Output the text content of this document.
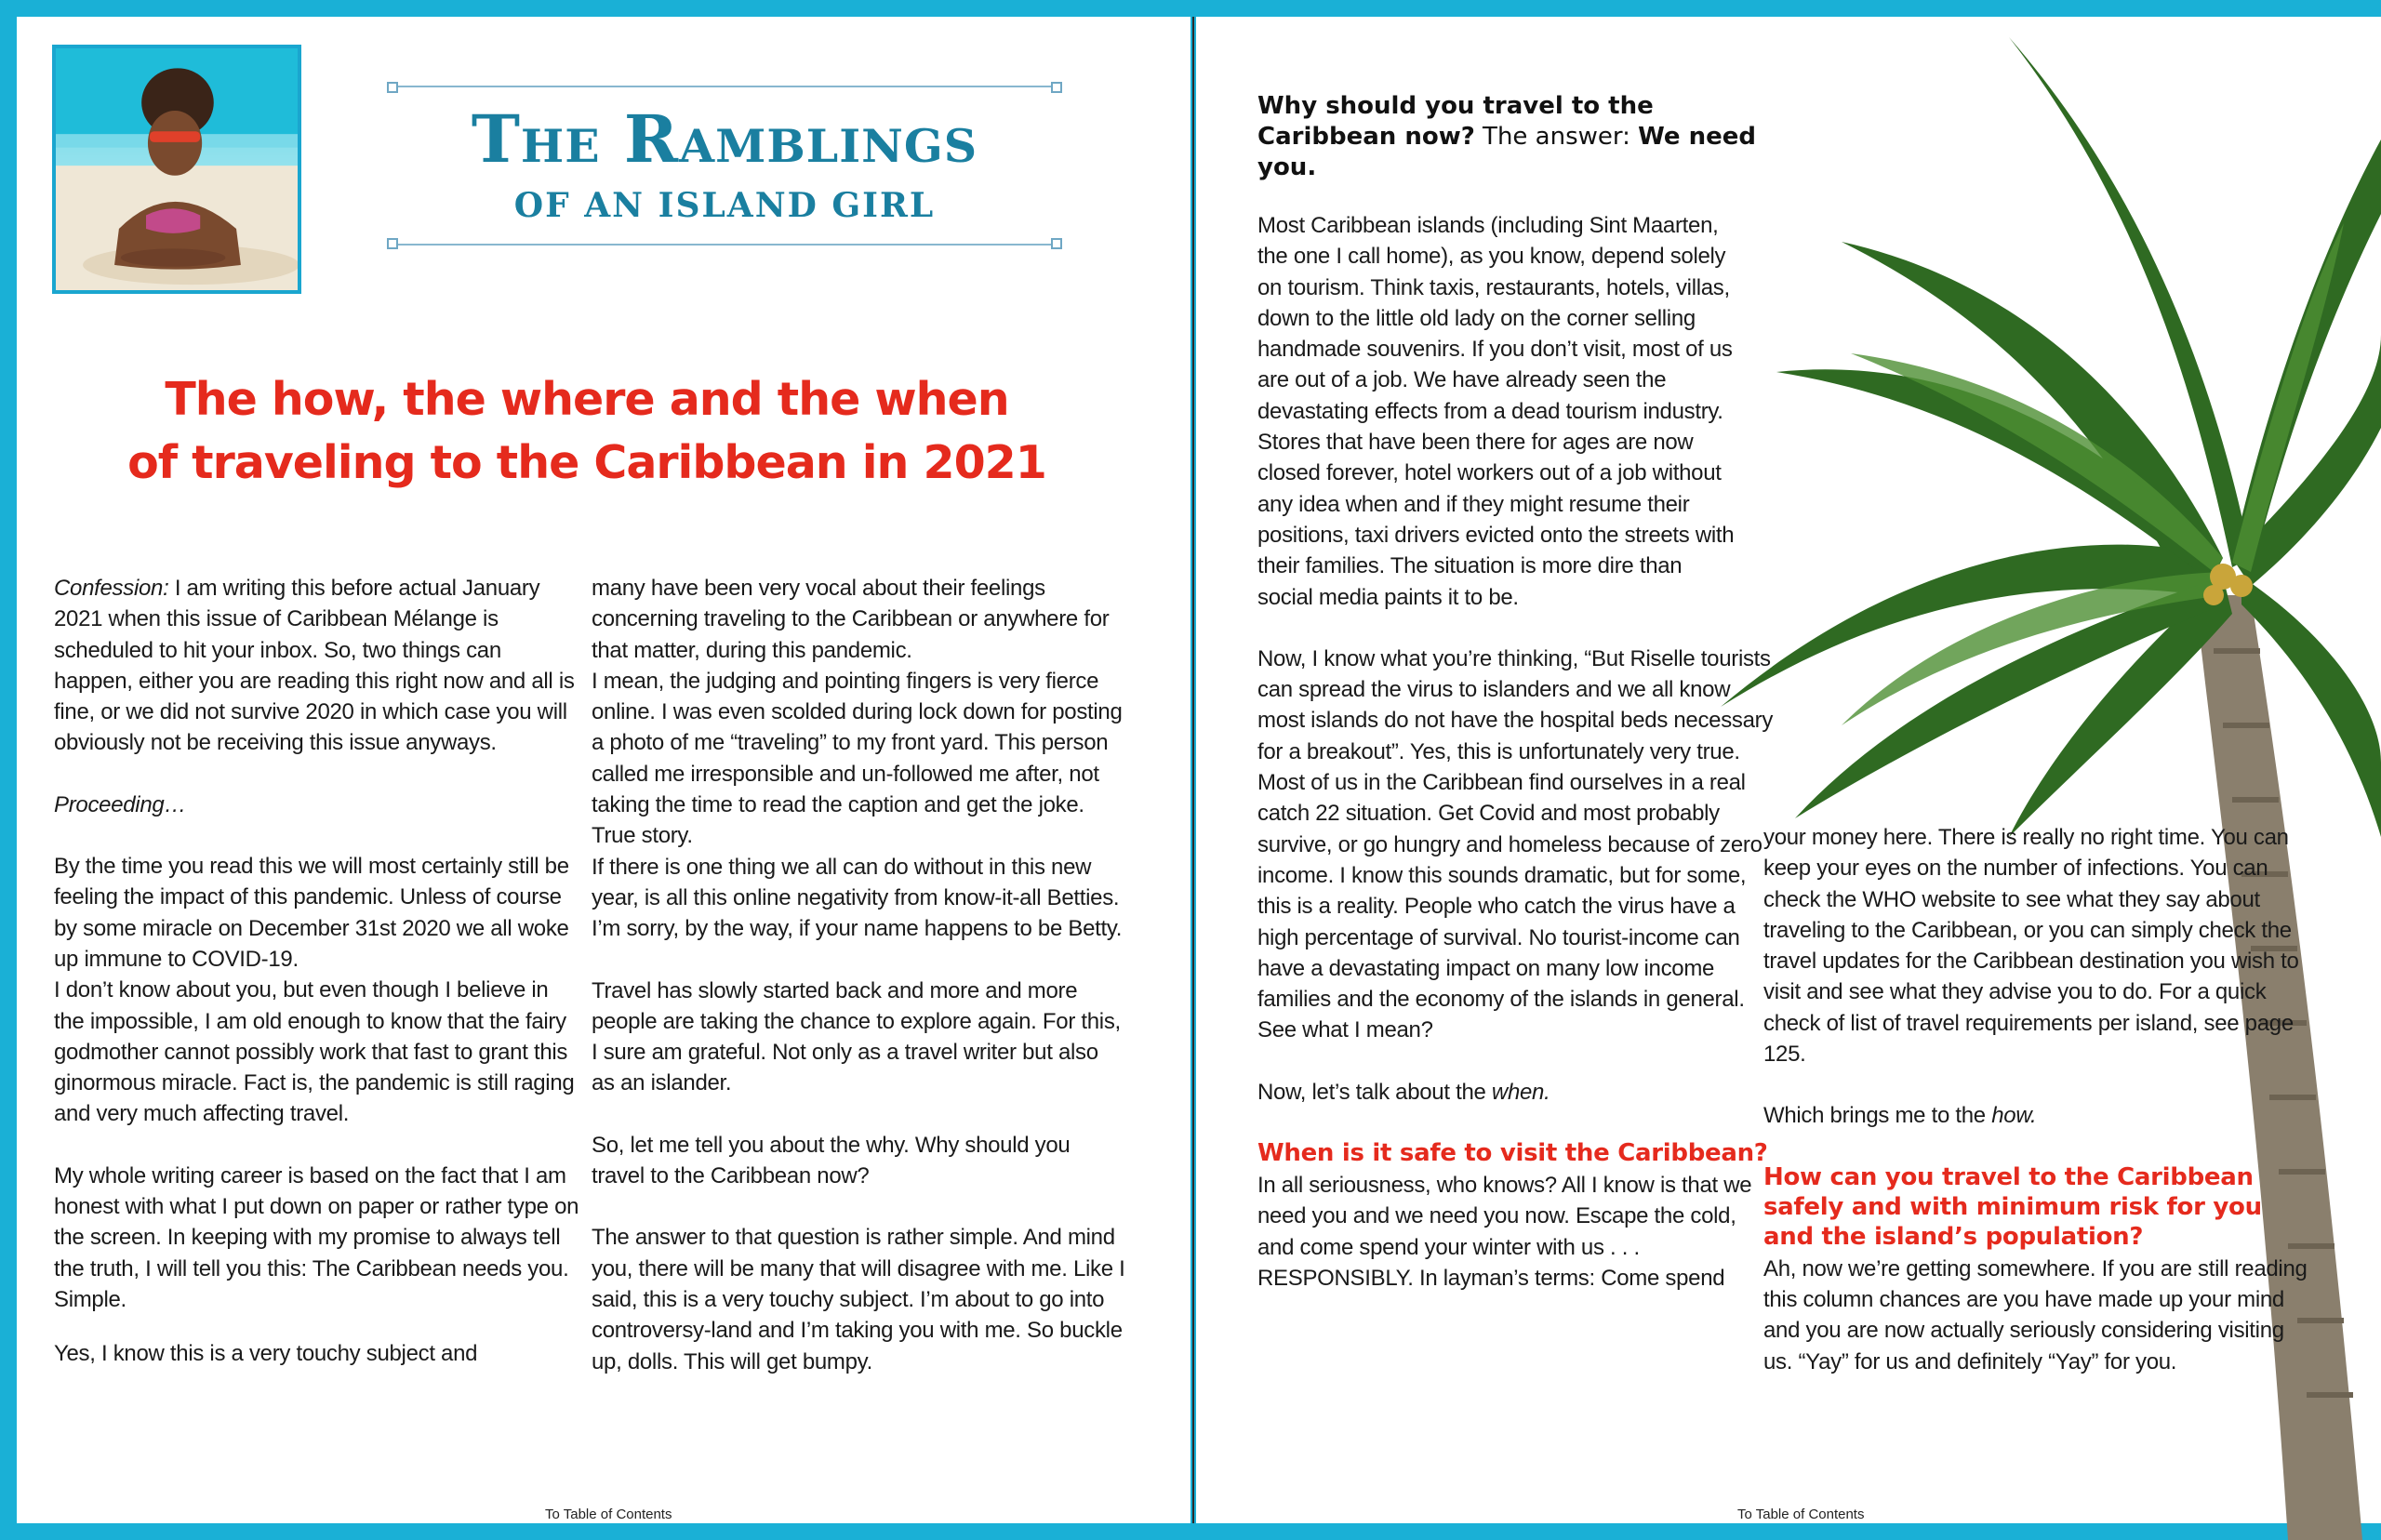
The Ramblings
OF AN ISLAND GIRL
The how, the where and the when
of traveling to the Caribbean in 2021

Confession: I am writing this before actual January 2021 when this issue of Caribbean Mélange is scheduled to hit your inbox. So, two things can happen, either you are reading this right now and all is fine, or we did not survive 2020 in which case you will obviously not be receiving this issue anyways.

Proceeding…

By the time you read this we will most certainly still be feeling the impact of this pandemic. Unless of course by some miracle on December 31st 2020 we all woke up immune to COVID-19.

I don’t know about you, but even though I believe in the impossible, I am old enough to know that the fairy godmother cannot possibly work that fast to grant this ginormous miracle. Fact is, the pandemic is still raging and very much affecting travel.

My whole writing career is based on the fact that I am honest with what I put down on paper or rather type on the screen. In keeping with my promise to always tell the truth, I will tell you this: The Caribbean needs you. Simple.

Yes, I know this is a very touchy subject and

many have been very vocal about their feelings concerning traveling to the Caribbean or anywhere for that matter, during this pandemic.

I mean, the judging and pointing fingers is very fierce online. I was even scolded during lock down for posting a photo of me “traveling” to my front yard. This person called me irresponsible and un-followed me after, not taking the time to read the caption and get the joke. True story.

If there is one thing we all can do without in this new year, is all this online negativity from know-it-all Betties. I’m sorry, by the way, if your name happens to be Betty.

Travel has slowly started back and more and more people are taking the chance to explore again. For this, I sure am grateful. Not only as a travel writer but also as an islander.

So, let me tell you about the why. Why should you travel to the Caribbean now?

The answer to that question is rather simple. And mind you, there will be many that will disagree with me. Like I said, this is a very touchy subject. I’m about to go into controversy-land and I’m taking you with me. So buckle up, dolls. This will get bumpy.

To Table of Contents
Why should you travel to the Caribbean now? The answer: We need you.

Most Caribbean islands (including Sint Maarten, the one I call home), as you know, depend solely on tourism. Think taxis, restaurants, hotels, villas, down to the little old lady on the corner selling handmade souvenirs. If you don’t visit, most of us are out of a job. We have already seen the devastating effects from a dead tourism industry. Stores that have been there for ages are now closed forever, hotel workers out of a job without any idea when and if they might resume their positions, taxi drivers evicted onto the streets with their families. The situation is more dire than social media paints it to be.

Now, I know what you’re thinking, “But Riselle tourists can spread the virus to islanders and we all know most islands do not have the hospital beds necessary for a breakout”. Yes, this is unfortunately very true. Most of us in the Caribbean find ourselves in a real catch 22 situation. Get Covid and most probably survive, or go hungry and homeless because of zero income. I know this sounds dramatic, but for some, this is a reality. People who catch the virus have a high percentage of survival. No tourist-income can have a devastating impact on many low income families and the economy of the islands in general. See what I mean?

Now, let’s talk about the when.

When is it safe to visit the Caribbean?

In all seriousness, who knows? All I know is that we need you and we need you now. Escape the cold, and come spend your winter with us . . . RESPONSIBLY. In layman’s terms: Come spend

your money here. There is really no right time. You can keep your eyes on the number of infections. You can check the WHO website to see what they say about traveling to the Caribbean, or you can simply check the travel updates for the Caribbean destination you wish to visit and see what they advise you to do. For a quick check of list of travel requirements per island, see page 125.

Which brings me to the how.

How can you travel to the Caribbean safely and with minimum risk for you and the island’s population?

Ah, now we’re getting somewhere. If you are still reading this column chances are you have made up your mind and you are now actually seriously considering visiting us. “Yay” for us and definitely “Yay” for you.

To Table of Contents
